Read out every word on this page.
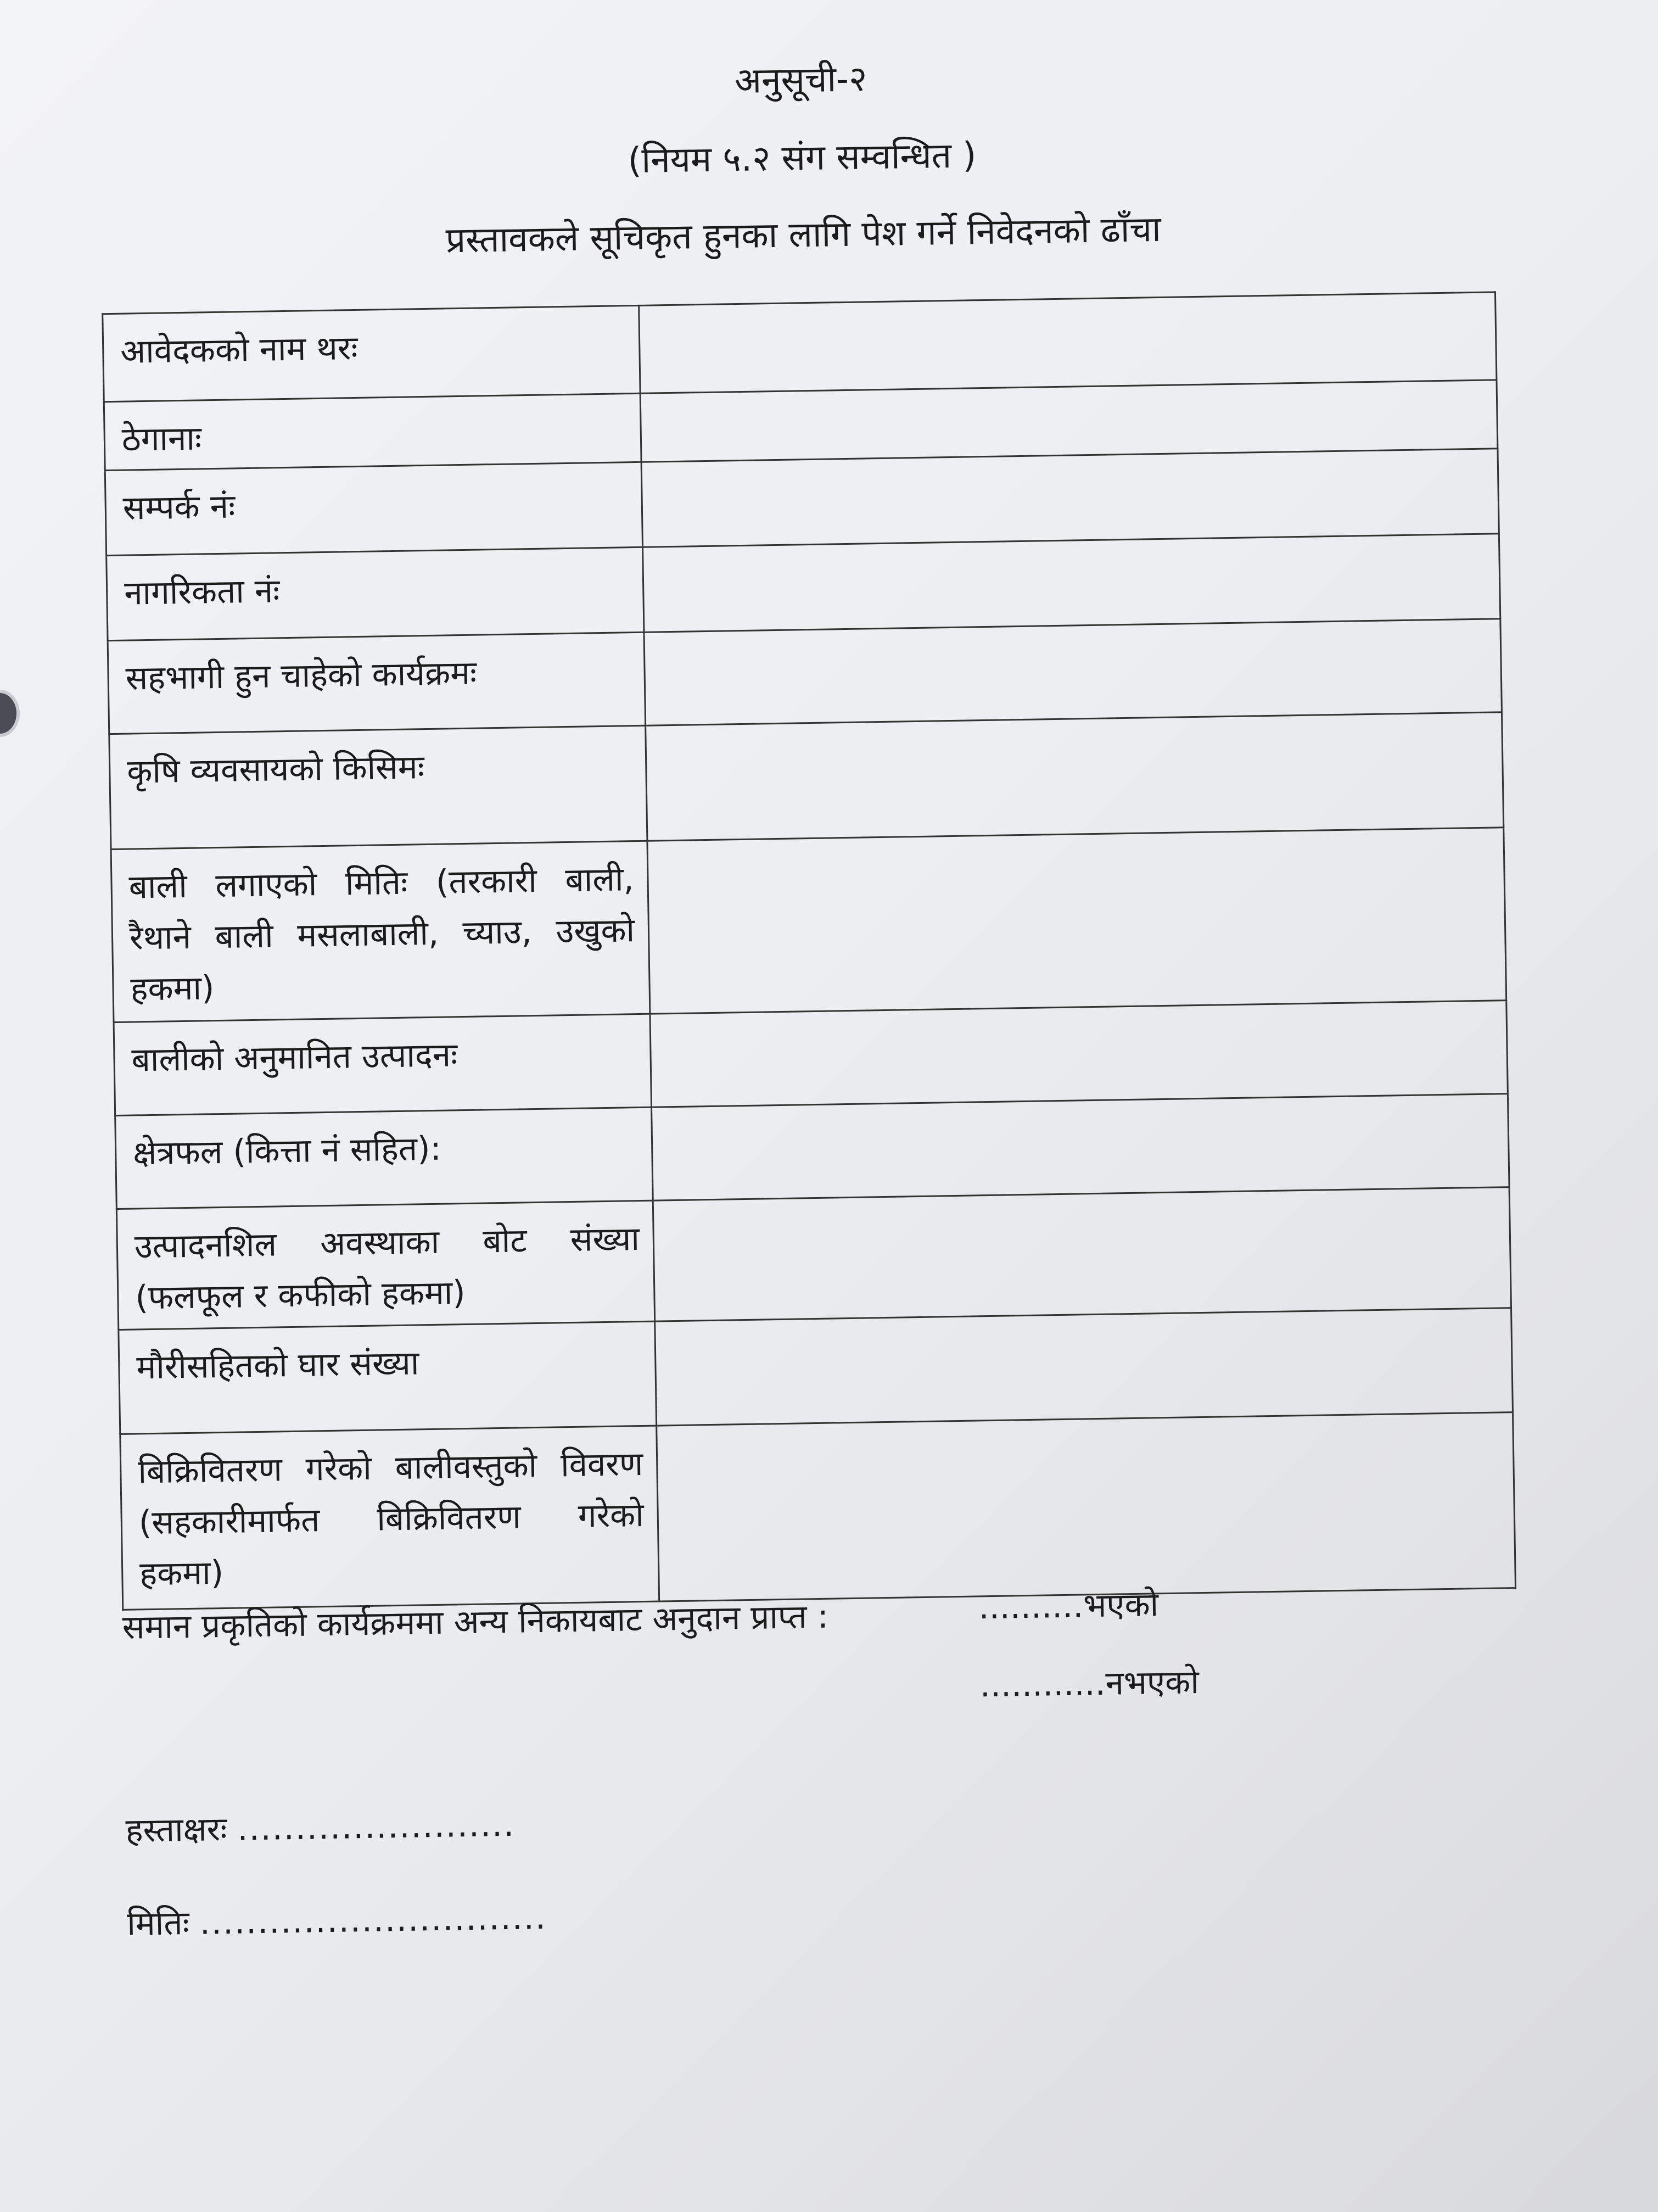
अनुसूची-२
(नियम ५.२ संग सम्वन्धित )
प्रस्तावकले सूचिकृत हुनका लागि पेश गर्ने निवेदनको ढाँचा
आवेदकको नाम थरः	
ठेगानाः	
सम्पर्क नंः	
नागरिकता नंः	
सहभागी हुन चाहेको कार्यक्रमः	
कृषि व्यवसायको किसिमः	
बाली लगाएको मितिः (तरकारी बाली, रैथाने बाली मसलाबाली, च्याउ, उखुको हकमा)	
बालीको अनुमानित उत्पादनः	
क्षेत्रफल (कित्ता नं सहित):	
उत्पादनशिल अवस्थाका बोट संख्या (फलफूल र कफीको हकमा)	
मौरीसहितको घार संख्या	
बिक्रिवितरण गरेको बालीवस्तुको विवरण (सहकारीमार्फत बिक्रिवितरण गरेको हकमा)	
समान प्रकृतिको कार्यक्रममा अन्य निकायबाट अनुदान प्राप्त :	..........भएको
............नभएको
हस्ताक्षरः ........................
मितिः ..............................
